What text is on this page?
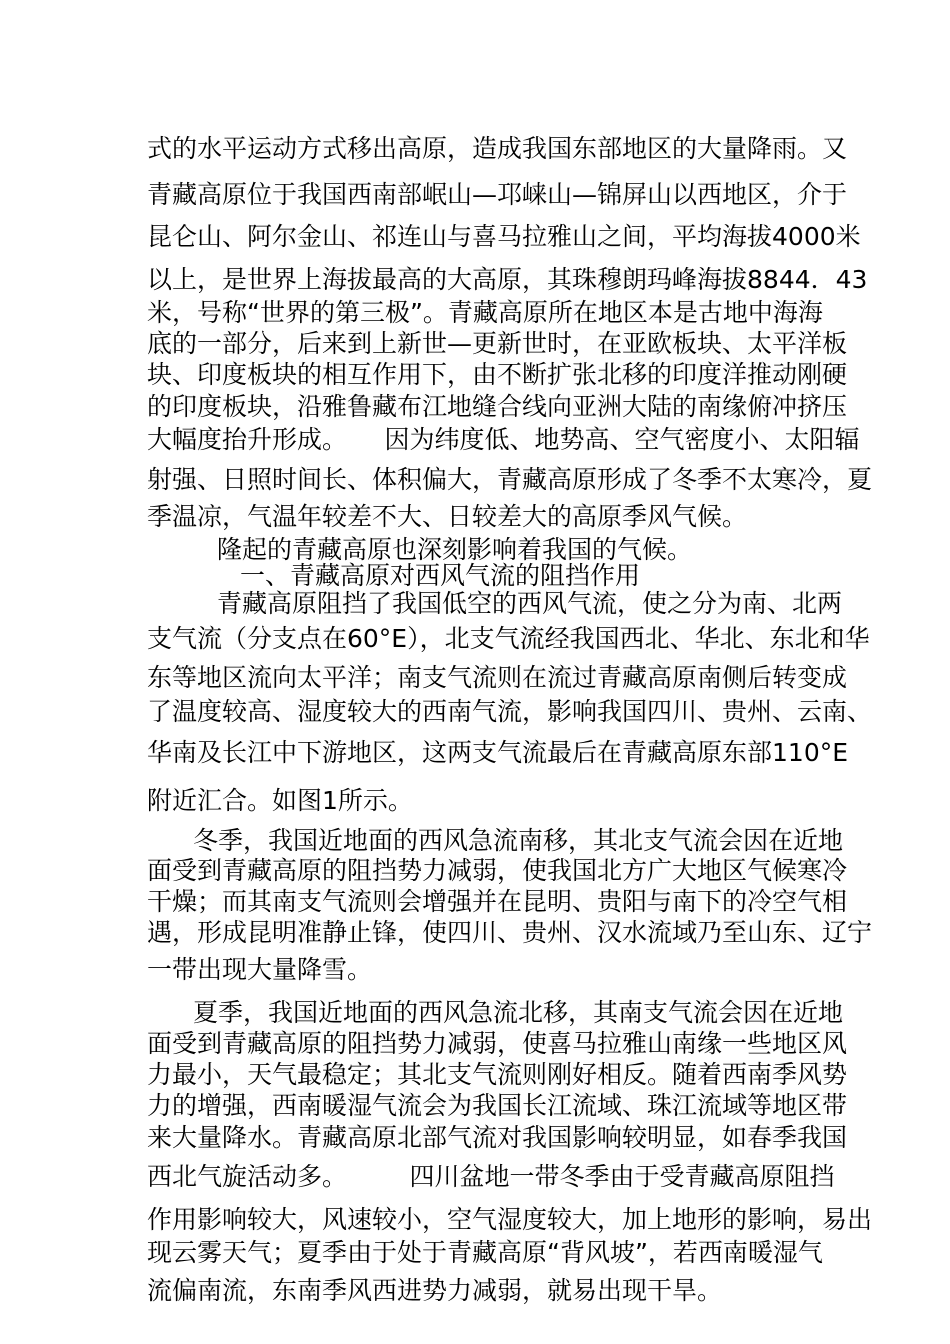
式的水平运动方式移出高原，造成我国东部地区的大量降雨。又
青藏高原位于我国西南部岷山—邛崃山—锦屏山以西地区，介于
昆仑山、阿尔金山、祁连山与喜马拉雅山之间，平均海拔4000米
以上，是世界上海拔最高的大高原，其珠穆朗玛峰海拔8844．43
米，号称“世界的第三极”。青藏高原所在地区本是古地中海海
底的一部分，后来到上新世—更新世时，在亚欧板块、太平洋板
块、印度板块的相互作用下，由不断扩张北移的印度洋推动刚硬
的印度板块，沿雅鲁藏布江地缝合线向亚洲大陆的南缘俯冲挤压
大幅度抬升形成。　　因为纬度低、地势高、空气密度小、太阳辐
射强、日照时间长、体积偏大，青藏高原形成了冬季不太寒冷，夏
季温凉，气温年较差不大、日较差大的高原季风气候。
隆起的青藏高原也深刻影响着我国的气候。
一、青藏高原对西风气流的阻挡作用
青藏高原阻挡了我国低空的西风气流，使之分为南、北两
支气流（分支点在60°E），北支气流经我国西北、华北、东北和华
东等地区流向太平洋；南支气流则在流过青藏高原南侧后转变成
了温度较高、湿度较大的西南气流，影响我国四川、贵州、云南、
华南及长江中下游地区，这两支气流最后在青藏高原东部110°E
附近汇合。如图1所示。
冬季，我国近地面的西风急流南移，其北支气流会因在近地
面受到青藏高原的阻挡势力减弱，使我国北方广大地区气候寒冷
干燥；而其南支气流则会增强并在昆明、贵阳与南下的冷空气相
遇，形成昆明准静止锋，使四川、贵州、汉水流域乃至山东、辽宁
一带出现大量降雪。
夏季，我国近地面的西风急流北移，其南支气流会因在近地
面受到青藏高原的阻挡势力减弱，使喜马拉雅山南缘一些地区风
力最小，天气最稳定；其北支气流则刚好相反。随着西南季风势
力的增强，西南暖湿气流会为我国长江流域、珠江流域等地区带
来大量降水。青藏高原北部气流对我国影响较明显，如春季我国
西北气旋活动多。　　　四川盆地一带冬季由于受青藏高原阻挡
作用影响较大，风速较小，空气湿度较大，加上地形的影响，易出
现云雾天气；夏季由于处于青藏高原“背风坡”，若西南暖湿气
流偏南流，东南季风西进势力减弱，就易出现干旱。
